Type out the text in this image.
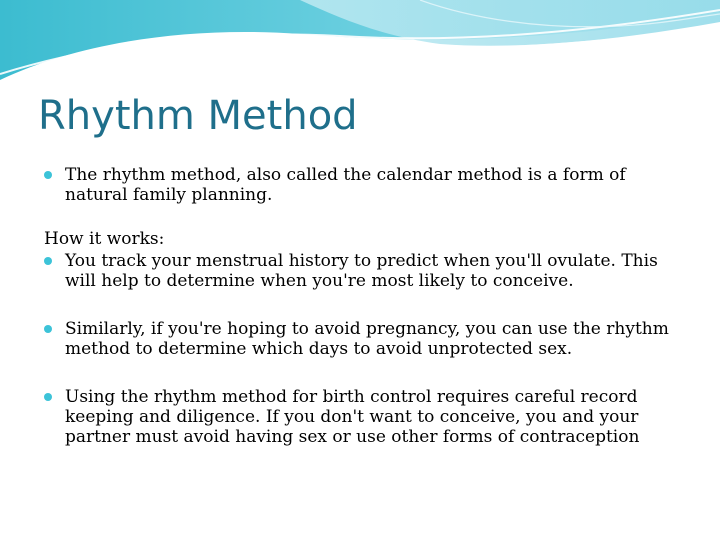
Rhythm Method
The rhythm method, also called the calendar method is a form of natural family planning.
How it works:
You track your menstrual history to predict when you'll ovulate. This will help to determine when you're most likely to conceive.
Similarly, if you're hoping to avoid pregnancy, you can use the rhythm method to determine which days to avoid unprotected sex.
Using the rhythm method for birth control requires careful record keeping and diligence. If you don't want to conceive, you and your partner must avoid having sex or use other forms of contraception
